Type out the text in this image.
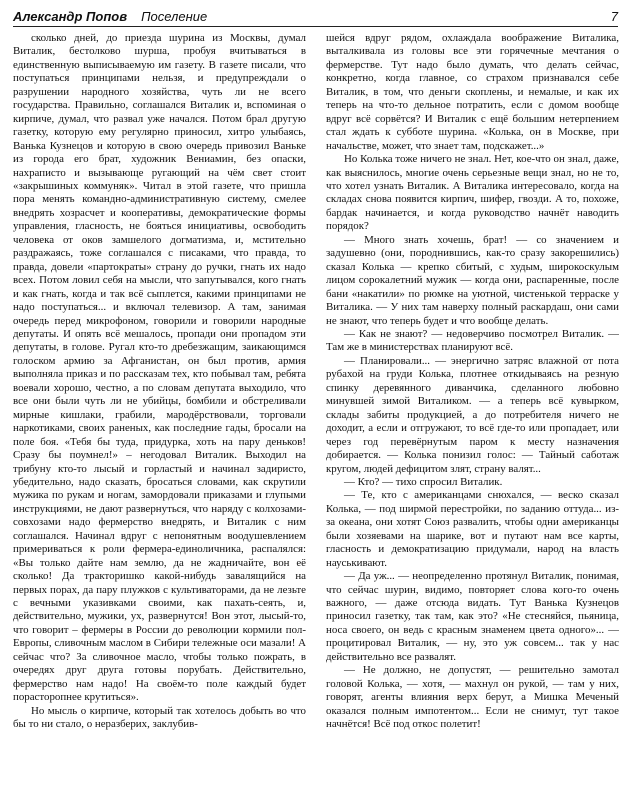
Александр Попов Поселение	7

сколько дней, до приезда шурина из Москвы, думал Виталик, бестолково шурша, пробуя вчитываться в единственную выписываемую им газету. В газете писали, что поступаться принципами нельзя, и предупреждали о разрушении народного хозяйства, чуть ли не всего государства. Правильно, соглашался Виталик и, вспоминая о кирпиче, думал, что развал уже начался. Потом брал другую газетку, которую ему регулярно приносил, хитро улыбаясь, Ванька Кузнецов и которую в свою очередь привозил Ваньке из города его брат, художник Вениамин, без опаски, нахраписто и вызывающе ругающий на чём свет стоит «закрышиных коммуняк». Читал в этой газете, что пришла пора менять командно-административную систему, смелее внедрять хозрасчет и кооперативы, демократические формы управления, гласность, не бояться инициативы, освободить человека от оков замшелого догматизма, и, мстительно раздражаясь, тоже соглашался с писаками, что правда, то правда, довели «партократы» страну до ручки, гнать их надо всех. Потом ловил себя на мысли, что запутывался, кого гнать и как гнать, когда и так всё сыплется, какими принципами не надо поступаться... и включал телевизор. А там, занимая очередь перед микрофоном, говорили и говорили народные депутаты. И опять всё мешалось, пропади они пропадом эти депутаты, в голове. Ругал кто-то дребезжащим, заикающимся голоском армию за Афганистан, он был против, армия выполняла приказ и по рассказам тех, кто побывал там, ребята воевали хорошо, честно, а по словам депутата выходило, что все они были чуть ли не убийцы, бомбили и обстреливали мирные кишлаки, грабили, мародёрствовали, торговали наркотиками, своих раненых, как последние гады, бросали на поле боя. «Тебя бы туда, придурка, хоть на пару деньков! Сразу бы поумнел!» – негодовал Виталик. Выходил на трибуну кто-то лысый и горластый и начинал задиристо, убедительно, надо сказать, бросаться словами, как скрутили мужика по рукам и ногам, замордовали приказами и глупыми инструкциями, не дают развернуться, что наряду с колхозами-совхозами надо фермерство внедрять, и Виталик с ним соглашался. Начинал вдруг с непонятным воодушевлением примериваться к роли фермера-единоличника, распалялся: «Вы только дайте нам землю, да не жадничайте, вон её сколько! Да тракторишко какой-нибудь завалящийся на первых порах, да пару плужков с культиваторами, да не лезьте с вечными указивками своими, как пахать-сеять, и, действительно, мужики, ух, развернутся! Вон этот, лысый-то, что говорит – фермеры в России до революции кормили пол-Европы, сливочным маслом в Сибири тележные оси мазали! А сейчас что? За сливочное масло, чтобы только пожрать, в очередях друг друга готовы порубать. Действительно, фермерство нам надо! На своём-то поле каждый будет порасторопнее крутиться».

Но мысль о кирпиче, который так хотелось добыть во что бы то ни стало, о неразберих, заклубив-

шейся вдруг рядом, охлаждала воображение Виталика, выталкивала из головы все эти горячечные мечтания о фермерстве. Тут надо было думать, что делать сейчас, конкретно, когда главное, со страхом признавался себе Виталик, в том, что деньги скоплены, и немалые, и как их теперь на что-то дельное потратить, если с домом вообще вдруг всё сорвётся? И Виталик с ещё большим нетерпением стал ждать к субботе шурина. «Колька, он в Москве, при начальстве, может, что знает там, подскажет...»

Но Колька тоже ничего не знал. Нет, кое-что он знал, даже, как выяснилось, многие очень серьезные вещи знал, но не то, что хотел узнать Виталик. А Виталика интересовало, когда на складах снова появится кирпич, шифер, гвозди. А то, похоже, бардак начинается, и когда руководство начнёт наводить порядок?

— Много знать хочешь, брат! — со значением и задушевно (они, породнившись, как-то сразу закорешились) сказал Колька — крепко сбитый, с худым, широкоскулым лицом сорокалетний мужик — когда они, распаренные, после бани «накатили» по рюмке на уютной, чистенькой терраске у Виталика. — У них там наверху полный раскардаш, они сами не знают, что теперь будет и что вообще делать.

— Как не знают? — недоверчиво посмотрел Виталик. — Там же в министерствах планируют всё.

— Планировали... — энергично затряс влажной от пота рубахой на груди Колька, плотнее откидываясь на резную спинку деревянного диванчика, сделанного любовно минувшей зимой Виталиком. — а теперь всё кувырком, склады забиты продукцией, а до потребителя ничего не доходит, а если и отгружают, то всё где-то или пропадает, или через год перевёрнутым паром к месту назначения добирается. — Колька понизил голос: — Тайный саботаж кругом, людей дефицитом злят, страну валят...

— Кто? — тихо спросил Виталик.

— Те, кто с американцами снюхался, — веско сказал Колька, — под ширмой перестройки, по заданию оттуда... из-за океана, они хотят Союз развалить, чтобы одни американцы были хозяевами на шарике, вот и путают нам все карты, гласность и демократизацию придумали, народ на власть науськивают.

— Да уж... — неопределенно протянул Виталик, понимая, что сейчас шурин, видимо, повторяет слова кого-то очень важного, — даже отсюда видать. Тут Ванька Кузнецов приносил газетку, так там, как это? «Не стесняйся, пьяница, носа своего, он ведь с красным знаменем цвета одного»... — процитировал Виталик, — ну, это уж совсем... так у нас действительно все развалят.

— Не должно, не допустят, — решительно замотал головой Колька, — хотя, — махнул он рукой, — там у них, говорят, агенты влияния верх берут, а Мишка Меченый оказался полным импотентом... Если не снимут, тут такое начнётся! Всё под откос полетит!
